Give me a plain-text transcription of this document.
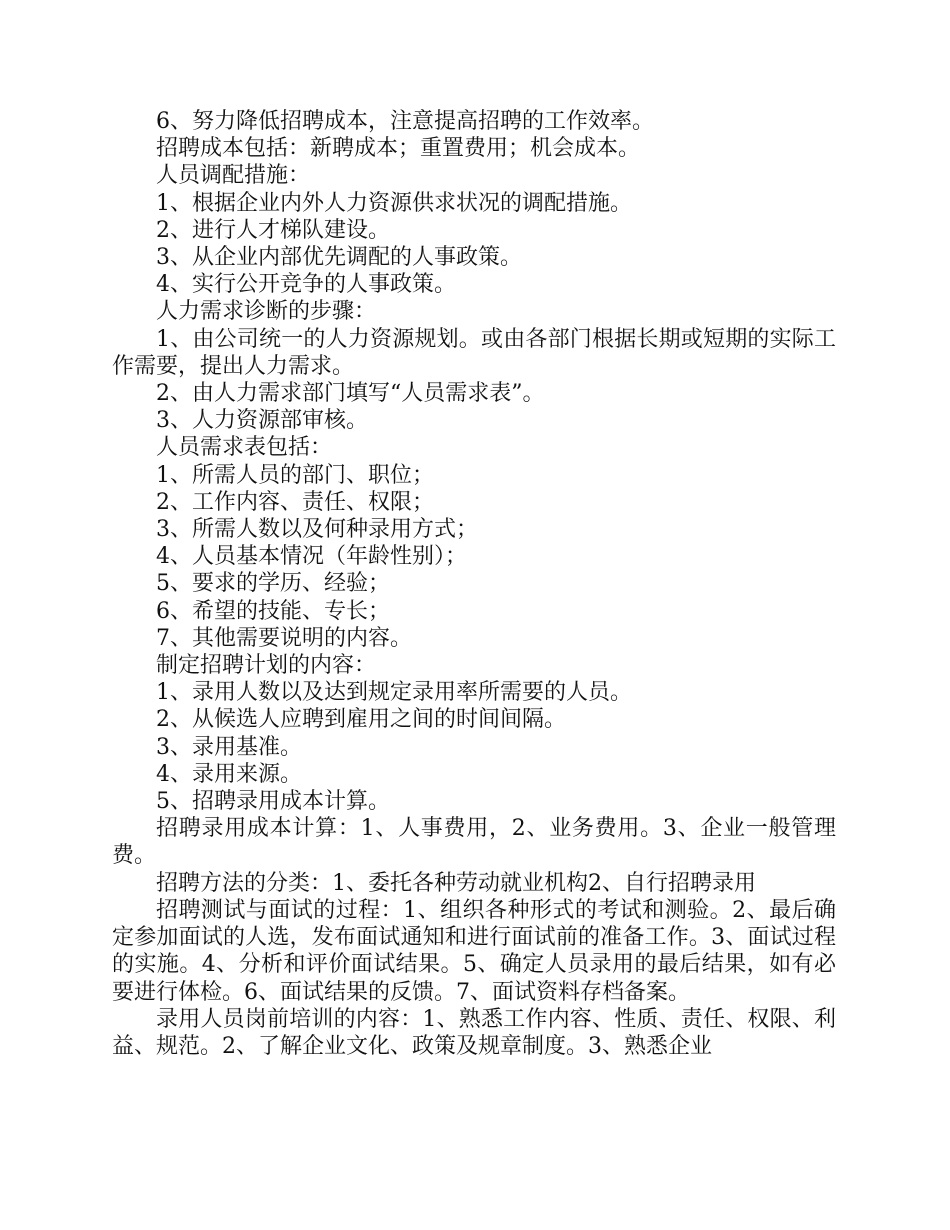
6、努力降低招聘成本，注意提高招聘的工作效率。

招聘成本包括：新聘成本；重置费用；机会成本。

人员调配措施：

1、根据企业内外人力资源供求状况的调配措施。

2、进行人才梯队建设。

3、从企业内部优先调配的人事政策。

4、实行公开竞争的人事政策。

人力需求诊断的步骤：

1、由公司统一的人力资源规划。或由各部门根据长期或短期的实际工作需要，提出人力需求。

2、由人力需求部门填写“人员需求表”。

3、人力资源部审核。

人员需求表包括：

1、所需人员的部门、职位；

2、工作内容、责任、权限；

3、所需人数以及何种录用方式；

4、人员基本情况（年龄性别）；

5、要求的学历、经验；

6、希望的技能、专长；

7、其他需要说明的内容。

制定招聘计划的内容：

1、录用人数以及达到规定录用率所需要的人员。

2、从候选人应聘到雇用之间的时间间隔。

3、录用基准。

4、录用来源。

5、招聘录用成本计算。

招聘录用成本计算：1、人事费用，2、业务费用。3、企业一般管理费。

招聘方法的分类：1、委托各种劳动就业机构2、自行招聘录用

招聘测试与面试的过程：1、组织各种形式的考试和测验。2、最后确定参加面试的人选，发布面试通知和进行面试前的准备工作。3、面试过程的实施。4、分析和评价面试结果。5、确定人员录用的最后结果，如有必要进行体检。6、面试结果的反馈。7、面试资料存档备案。

录用人员岗前培训的内容：1、熟悉工作内容、性质、责任、权限、利益、规范。2、了解企业文化、政策及规章制度。3、熟悉企业
